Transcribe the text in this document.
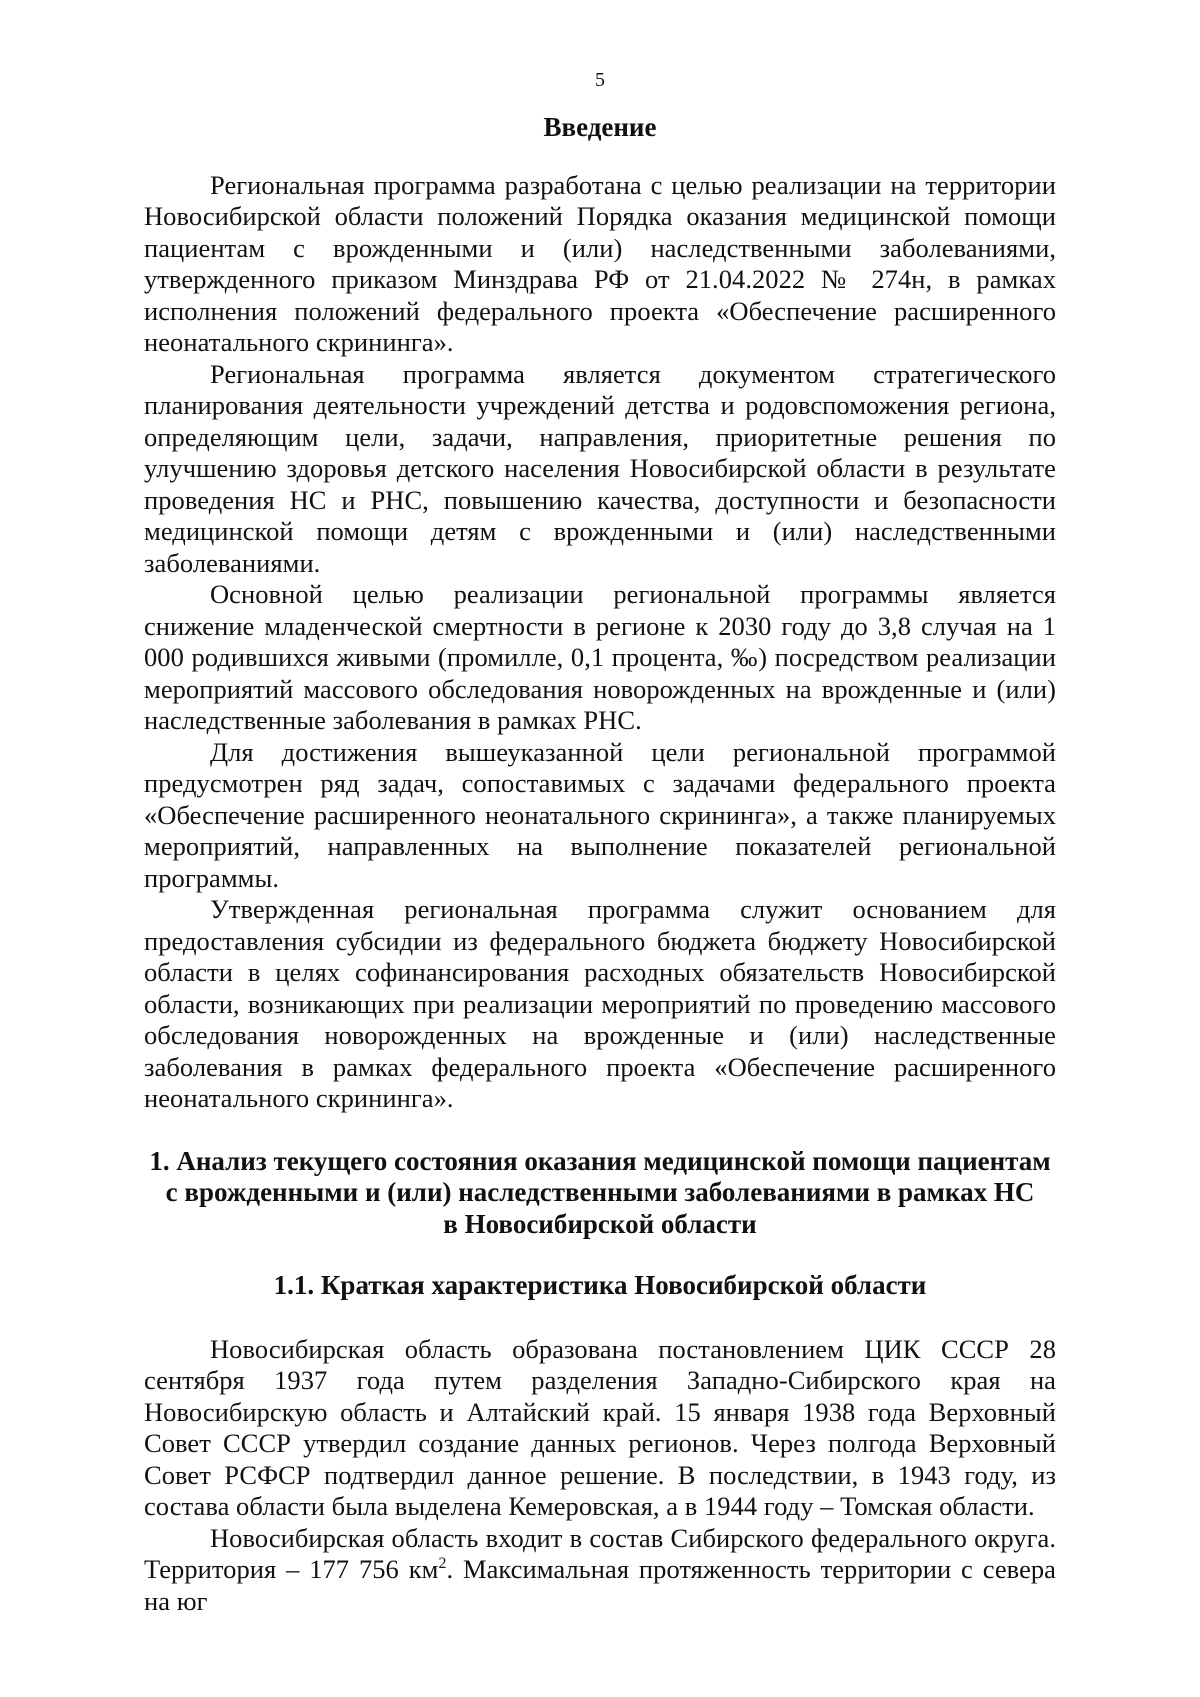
5
Введение

Региональная программа разработана с целью реализации на территории Новосибирской области положений Порядка оказания медицинской помощи пациентам с врожденными и (или) наследственными заболеваниями, утвержденного приказом Минздрава РФ от 21.04.2022 № 274н, в рамках исполнения положений федерального проекта «Обеспечение расширенного неонатального скрининга».

Региональная программа является документом стратегического планирования деятельности учреждений детства и родовспоможения региона, определяющим цели, задачи, направления, приоритетные решения по улучшению здоровья детского населения Новосибирской области в результате проведения НС и РНС, повышению качества, доступности и безопасности медицинской помощи детям с врожденными и (или) наследственными заболеваниями.

Основной целью реализации региональной программы является снижение младенческой смертности в регионе к 2030 году до 3,8 случая на 1 000 родившихся живыми (промилле, 0,1 процента, ‰) посредством реализации мероприятий массового обследования новорожденных на врожденные и (или) наследственные заболевания в рамках РНС.

Для достижения вышеуказанной цели региональной программой предусмотрен ряд задач, сопоставимых с задачами федерального проекта «Обеспечение расширенного неонатального скрининга», а также планируемых мероприятий, направленных на выполнение показателей региональной программы.

Утвержденная региональная программа служит основанием для предоставления субсидии из федерального бюджета бюджету Новосибирской области в целях софинансирования расходных обязательств Новосибирской области, возникающих при реализации мероприятий по проведению массового обследования новорожденных на врожденные и (или) наследственные заболевания в рамках федерального проекта «Обеспечение расширенного неонатального скрининга».

1. Анализ текущего состояния оказания медицинской помощи пациентам
с врожденными и (или) наследственными заболеваниями в рамках НС
в Новосибирской области
1.1. Краткая характеристика Новосибирской области

Новосибирская область образована постановлением ЦИК СССР 28 сентября 1937 года путем разделения Западно-Сибирского края на Новосибирскую область и Алтайский край. 15 января 1938 года Верховный Совет СССР утвердил создание данных регионов. Через полгода Верховный Совет РСФСР подтвердил данное решение. В последствии, в 1943 году, из состава области была выделена Кемеровская, а в 1944 году – Томская области.

Новосибирская область входит в состав Сибирского федерального округа. Территория – 177 756 $км^2$. Максимальная протяженность территории с севера на юг
